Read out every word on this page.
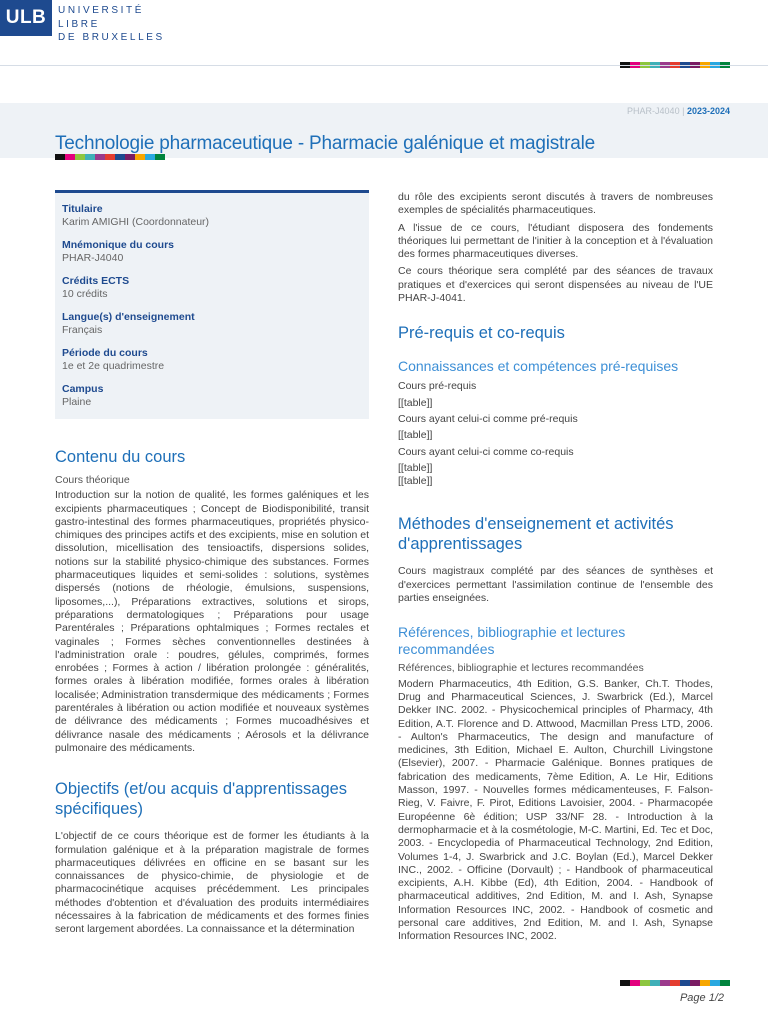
ULB	UNIVERSITÉ
LIBRE
DE BRUXELLES
PHAR-J4040 | 2023-2024
Technologie pharmaceutique - Pharmacie galénique et magistrale
Titulaire
Karim AMIGHI (Coordonnateur)
Mnémonique du cours
PHAR-J4040
Crédits ECTS
10 crédits
Langue(s) d'enseignement
Français
Période du cours
1e et 2e quadrimestre
Campus
Plaine
Contenu du cours
Cours théorique

Introduction sur la notion de qualité, les formes galéniques et les excipients pharmaceutiques ; Concept de Biodisponibilité, transit gastro-intestinal des formes pharmaceutiques, propriétés physico-chimiques des principes actifs et des excipients, mise en solution et dissolution, micellisation des tensioactifs, dispersions solides, notions sur la stabilité physico-chimique des substances. Formes pharmaceutiques liquides et semi-solides : solutions, systèmes dispersés (notions de rhéologie, émulsions, suspensions, liposomes,...), Préparations extractives, solutions et sirops, préparations dermatologiques ; Préparations pour usage Parentérales ; Préparations ophtalmiques ; Formes rectales et vaginales ; Formes sèches conventionnelles destinées à l'administration orale : poudres, gélules, comprimés, formes enrobées ; Formes à action / libération prolongée : généralités, formes orales à libération modifiée, formes orales à libération localisée; Administration transdermique des médicaments ; Formes parentérales à libération ou action modifiée et nouveaux systèmes de délivrance des médicaments ; Formes mucoadhésives et délivrance nasale des médicaments ; Aérosols et la délivrance pulmonaire des médicaments.

Objectifs (et/ou acquis d'apprentissages spécifiques)

L'objectif de ce cours théorique est de former les étudiants à la formulation galénique et à la préparation magistrale de formes pharmaceutiques délivrées en officine en se basant sur les connaissances de physico-chimie, de physiologie et de pharmacocinétique acquises précédemment. Les principales méthodes d'obtention et d'évaluation des produits intermédiaires nécessaires à la fabrication de médicaments et des formes finies seront largement abordées. La connaissance et la détermination

du rôle des excipients seront discutés à travers de nombreuses exemples de spécialités pharmaceutiques.

A l'issue de ce cours, l'étudiant disposera des fondements théoriques lui permettant de l'initier à la conception et à l'évaluation des formes pharmaceutiques diverses.

Ce cours théorique sera complété par des séances de travaux pratiques et d'exercices qui seront dispensées au niveau de l'UE PHAR-J-4041.

Pré-requis et co-requis
Connaissances et compétences pré-requises
Cours pré-requis
[[table]]
Cours ayant celui-ci comme pré-requis
[[table]]
Cours ayant celui-ci comme co-requis
[[table]]
[[table]]
Méthodes d'enseignement et activités d'apprentissages

Cours magistraux complété par des séances de synthèses et d'exercices permettant l'assimilation continue de l'ensemble des parties enseignées.

Références, bibliographie et lectures recommandées
Références, bibliographie et lectures recommandées

Modern Pharmaceutics, 4th Edition, G.S. Banker, Ch.T. Thodes, Drug and Pharmaceutical Sciences, J. Swarbrick (Ed.), Marcel Dekker INC. 2002. - Physicochemical principles of Pharmacy, 4th Edition, A.T. Florence and D. Attwood, Macmillan Press LTD, 2006. - Aulton's Pharmaceutics, The design and manufacture of medicines, 3th Edition, Michael E. Aulton, Churchill Livingstone (Elsevier), 2007. - Pharmacie Galénique. Bonnes pratiques de fabrication des medicaments, 7ème Edition, A. Le Hir, Editions Masson, 1997. - Nouvelles formes médicamenteuses, F. Falson-Rieg, V. Faivre, F. Pirot, Editions Lavoisier, 2004. - Pharmacopée Européenne 6è édition; USP 33/NF 28. - Introduction à la dermopharmacie et à la cosmétologie, M-C. Martini, Ed. Tec et Doc, 2003. - Encyclopedia of Pharmaceutical Technology, 2nd Edition, Volumes 1-4, J. Swarbrick and J.C. Boylan (Ed.), Marcel Dekker INC., 2002. - Officine (Dorvault) ; - Handbook of pharmaceutical excipients, A.H. Kibbe (Ed), 4th Edition, 2004. - Handbook of pharmaceutical additives, 2nd Edition, M. and I. Ash, Synapse Information Resources INC, 2002. - Handbook of cosmetic and personal care additives, 2nd Edition, M. and I. Ash, Synapse Information Resources INC, 2002.

Page 1/2
